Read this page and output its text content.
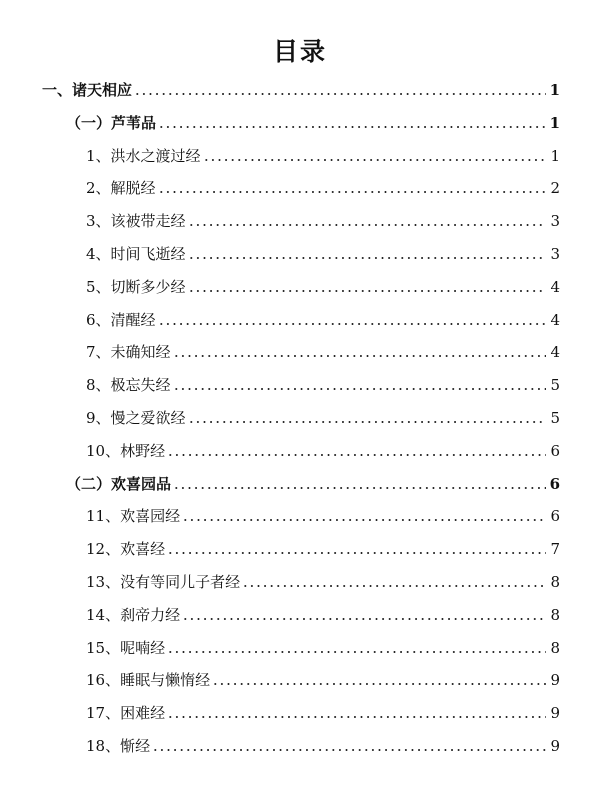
目录
一、诸天相应	1
（一）芦苇品	1
1、洪水之渡过经	1
2、解脱经	2
3、该被带走经	3
4、时间飞逝经	3
5、切断多少经	4
6、清醒经	4
7、未确知经	4
8、极忘失经	5
9、慢之爱欲经	5
10、林野经	6
（二）欢喜园品	6
11、欢喜园经	6
12、欢喜经	7
13、没有等同儿子者经	8
14、刹帝力经	8
15、呢喃经	8
16、睡眠与懒惰经	9
17、困难经	9
18、惭经	9
